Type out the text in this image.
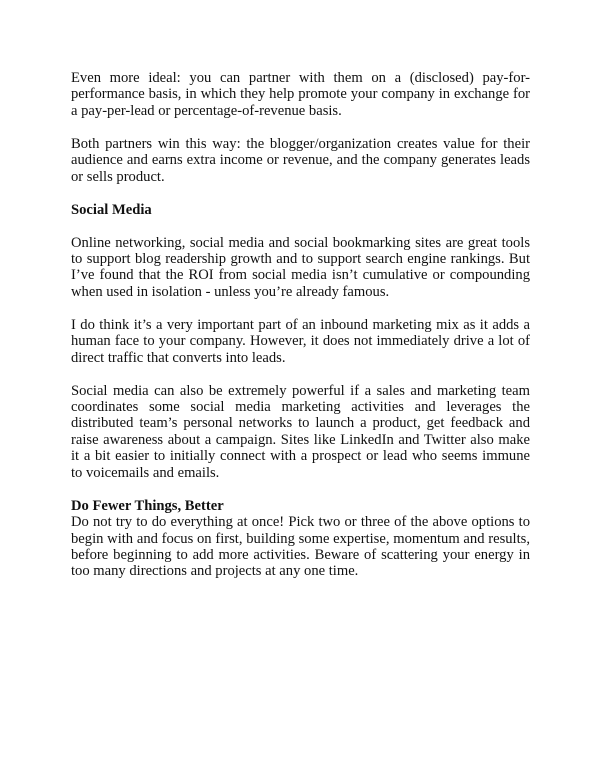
Even more ideal: you can partner with them on a (disclosed) pay-for-performance basis, in which they help promote your company in exchange for a pay-per-lead or percentage-of-revenue basis.

Both partners win this way: the blogger/organization creates value for their audience and earns extra income or revenue, and the company generates leads or sells product.

Social Media

Online networking, social media and social bookmarking sites are great tools to support blog readership growth and to support search engine rankings. But I’ve found that the ROI from social media isn’t cumulative or compounding when used in isolation - unless you’re already famous.

I do think it’s a very important part of an inbound marketing mix as it adds a human face to your company. However, it does not immediately drive a lot of direct traffic that converts into leads.

Social media can also be extremely powerful if a sales and marketing team coordinates some social media marketing activities and leverages the distributed team’s personal networks to launch a product, get feedback and raise awareness about a campaign. Sites like LinkedIn and Twitter also make it a bit easier to initially connect with a prospect or lead who seems immune to voicemails and emails.

Do Fewer Things, Better

Do not try to do everything at once! Pick two or three of the above options to begin with and focus on first, building some expertise, momentum and results, before beginning to add more activities. Beware of scattering your energy in too many directions and projects at any one time.
